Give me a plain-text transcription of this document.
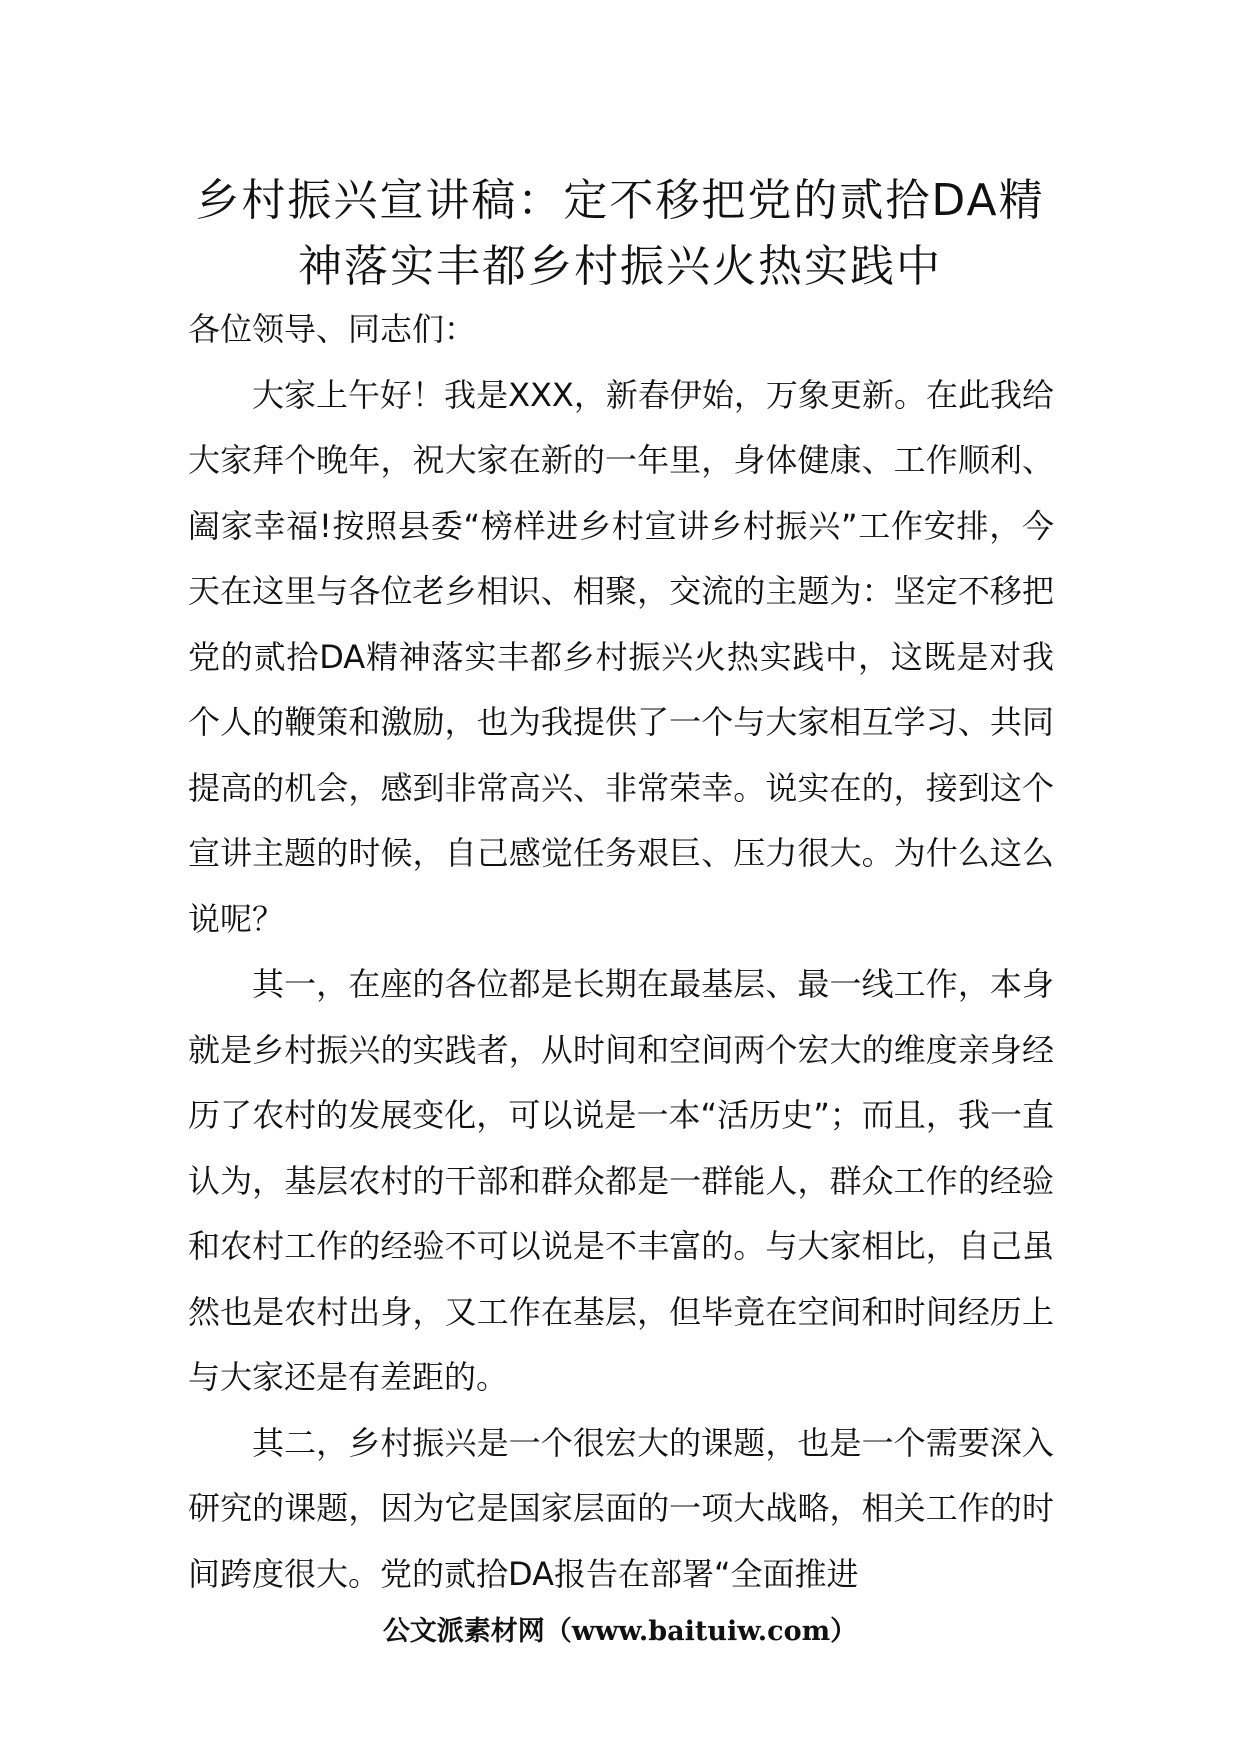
乡村振兴宣讲稿：定不移把党的贰拾DA精
神落实丰都乡村振兴火热实践中

各位领导、同志们：

大家上午好！我是XXX，新春伊始，万象更新。在此我给大家拜个晚年，祝大家在新的一年里，身体健康、工作顺利、阖家幸福!按照县委“榜样进乡村宣讲乡村振兴”工作安排，今天在这里与各位老乡相识、相聚，交流的主题为：坚定不移把党的贰拾DA精神落实丰都乡村振兴火热实践中，这既是对我个人的鞭策和激励，也为我提供了一个与大家相互学习、共同提高的机会，感到非常高兴、非常荣幸。说实在的，接到这个宣讲主题的时候，自己感觉任务艰巨、压力很大。为什么这么说呢？

其一，在座的各位都是长期在最基层、最一线工作，本身就是乡村振兴的实践者，从时间和空间两个宏大的维度亲身经历了农村的发展变化，可以说是一本“活历史”；而且，我一直认为，基层农村的干部和群众都是一群能人，群众工作的经验和农村工作的经验不可以说是不丰富的。与大家相比，自己虽然也是农村出身，又工作在基层，但毕竟在空间和时间经历上与大家还是有差距的。

其二，乡村振兴是一个很宏大的课题，也是一个需要深入研究的课题，因为它是国家层面的一项大战略，相关工作的时间跨度很大。党的贰拾DA报告在部署“全面推进

公文派素材网（www.baituiw.com）
